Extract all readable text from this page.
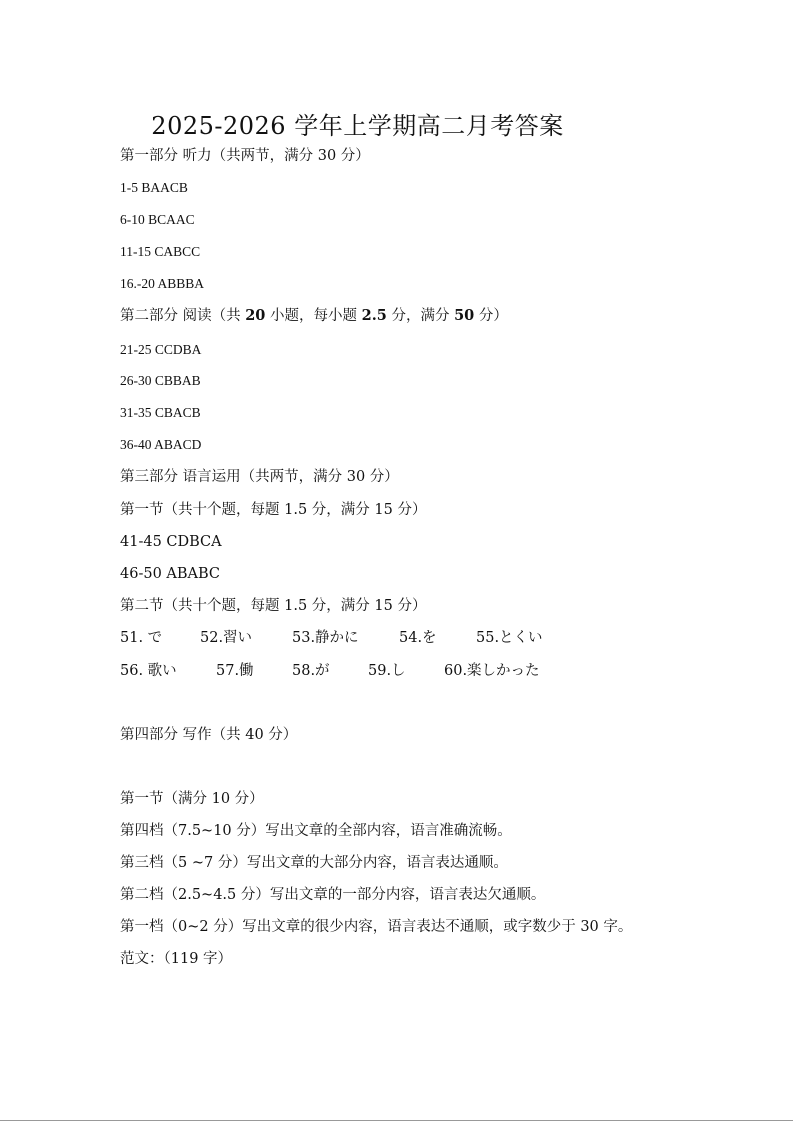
2025-2026 学年上学期高二月考答案
第一部分 听力（共两节，满分 30 分）
1-5 BAACB
6-10 BCAAC
11-15 CABCC
16.-20 ABBBA
第二部分 阅读（共 20 小题，每小题 2.5 分，满分 50 分）
21-25 CCDBA
26-30 CBBAB
31-35 CBACB
36-40 ABACD
第三部分 语言运用（共两节，满分 30 分）
第一节（共十个题，每题 1.5 分，满分 15 分）
41-45 CDBCA
46-50 ABABC
第二节（共十个题，每题 1.5 分，满分 15 分）
51. で	52.習い	53.静かに	54.を	55.とくい
56. 歌い	57.働	58.が	59.し	60.楽しかった
第四部分 写作（共 40 分）
第一节（满分 10 分）
第四档（7.5~10 分）写出文章的全部内容，语言准确流畅。
第三档（5 ~7 分）写出文章的大部分内容，语言表达通顺。
第二档（2.5~4.5 分）写出文章的一部分内容，语言表达欠通顺。
第一档（0~2 分）写出文章的很少内容，语言表达不通顺，或字数少于 30 字。
范文：（119 字）
